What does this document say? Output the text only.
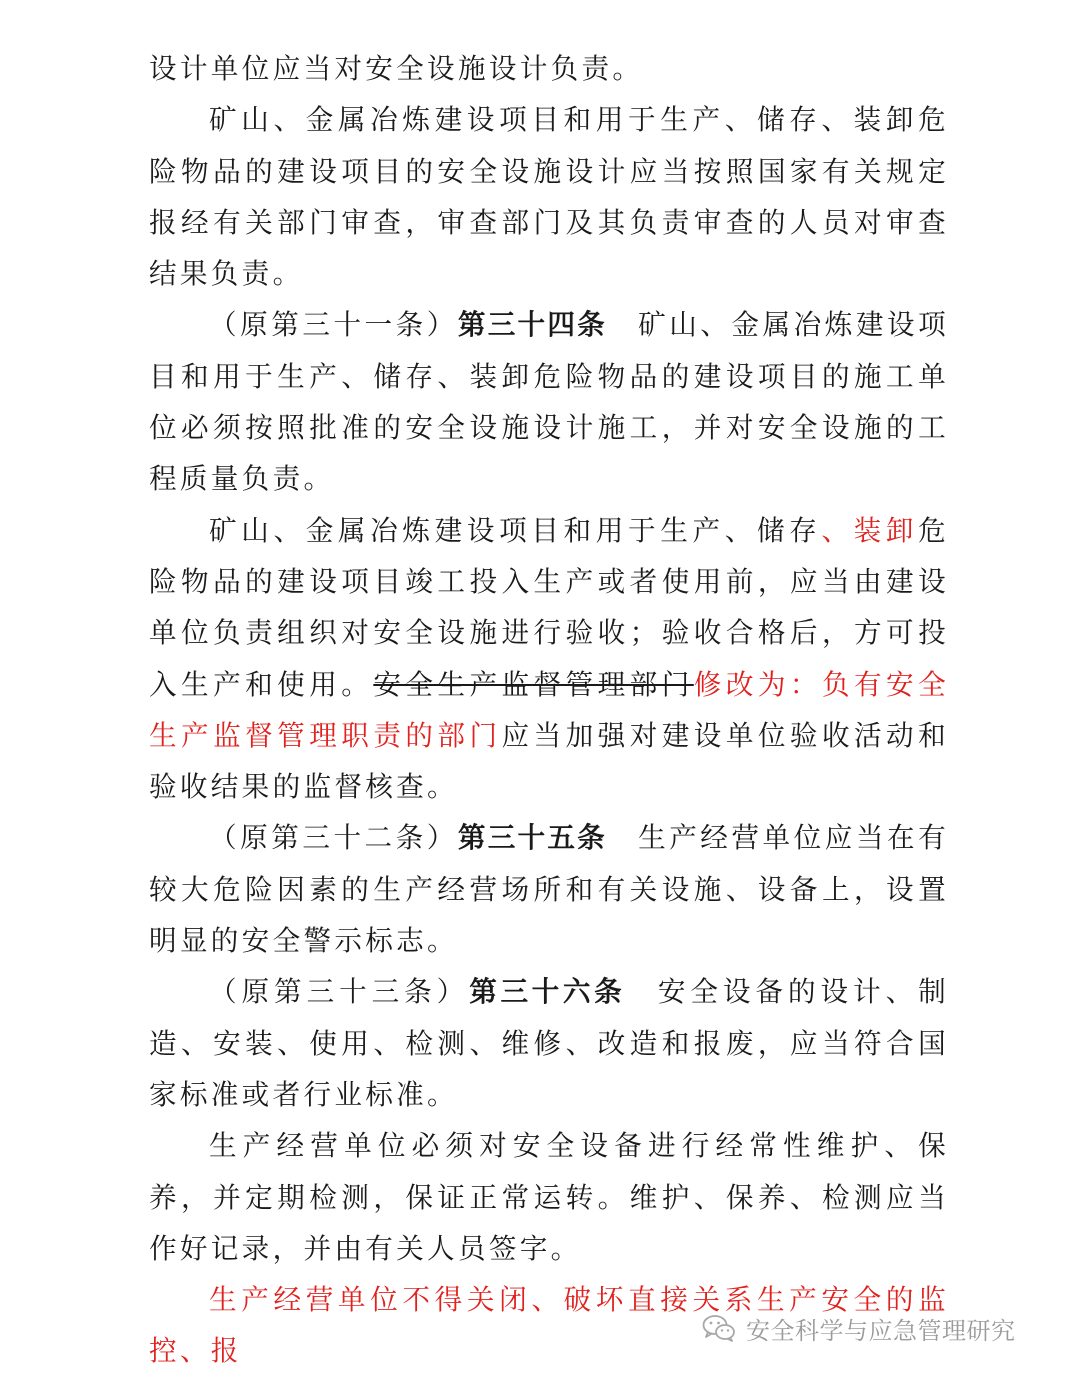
设计单位应当对安全设施设计负责。

矿山、金属冶炼建设项目和用于生产、储存、装卸危险物品的建设项目的安全设施设计应当按照国家有关规定报经有关部门审查，审查部门及其负责审查的人员对审查结果负责。

（原第三十一条）第三十四条　 矿山、金属冶炼建设项目和用于生产、储存、装卸危险物品的建设项目的施工单位必须按照批准的安全设施设计施工，并对安全设施的工程质量负责。

矿山、金属冶炼建设项目和用于生产、储存、装卸危险物品的建设项目竣工投入生产或者使用前，应当由建设单位负责组织对安全设施进行验收；验收合格后，方可投入生产和使用。安全生产监督管理部门修改为：负有安全生产监督管理职责的部门应当加强对建设单位验收活动和验收结果的监督核查。

（原第三十二条）第三十五条　 生产经营单位应当在有较大危险因素的生产经营场所和有关设施、设备上，设置明显的安全警示标志。

（原第三十三条）第三十六条　 安全设备的设计、制造、安装、使用、检测、维修、改造和报废，应当符合国家标准或者行业标准。

生产经营单位必须对安全设备进行经常性维护、保养，并定期检测，保证正常运转。维护、保养、检测应当作好记录，并由有关人员签字。

生产经营单位不得关闭、破坏直接关系生产安全的监控、报

安全科学与应急管理研究
